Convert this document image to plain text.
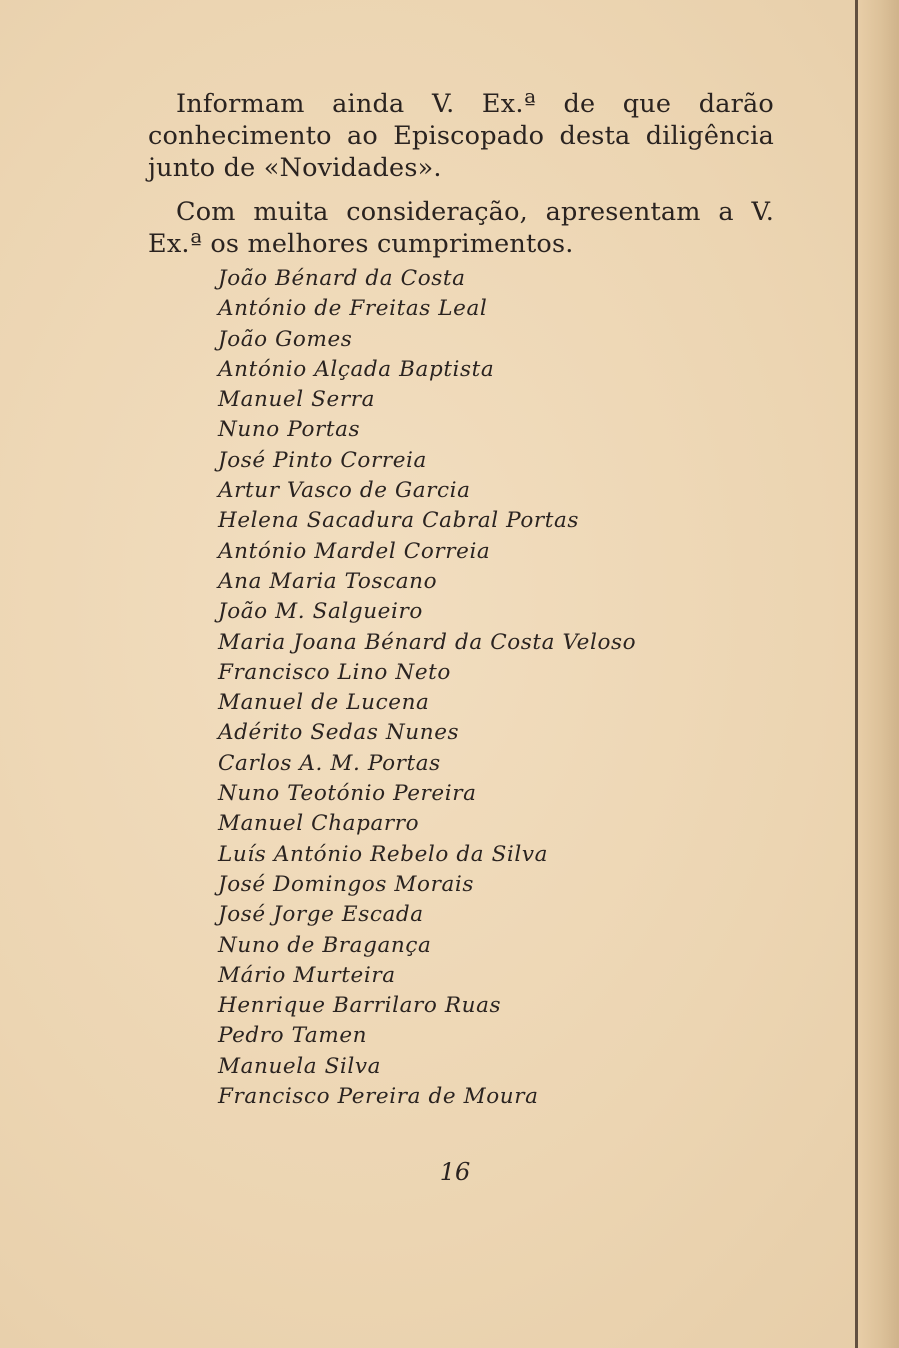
Informam ainda V. Ex.ª de que darão conhecimento ao Episcopado desta diligência junto de «Novidades».

Com muita consideração, apresentam a V. Ex.ª os melhores cumprimentos.

João Bénard da Costa
António de Freitas Leal
João Gomes
António Alçada Baptista
Manuel Serra
Nuno Portas
José Pinto Correia
Artur Vasco de Garcia
Helena Sacadura Cabral Portas
António Mardel Correia
Ana Maria Toscano
João M. Salgueiro
Maria Joana Bénard da Costa Veloso
Francisco Lino Neto
Manuel de Lucena
Adérito Sedas Nunes
Carlos A. M. Portas
Nuno Teotónio Pereira
Manuel Chaparro
Luís António Rebelo da Silva
José Domingos Morais
José Jorge Escada
Nuno de Bragança
Mário Murteira
Henrique Barrilaro Ruas
Pedro Tamen
Manuela Silva
Francisco Pereira de Moura
16
